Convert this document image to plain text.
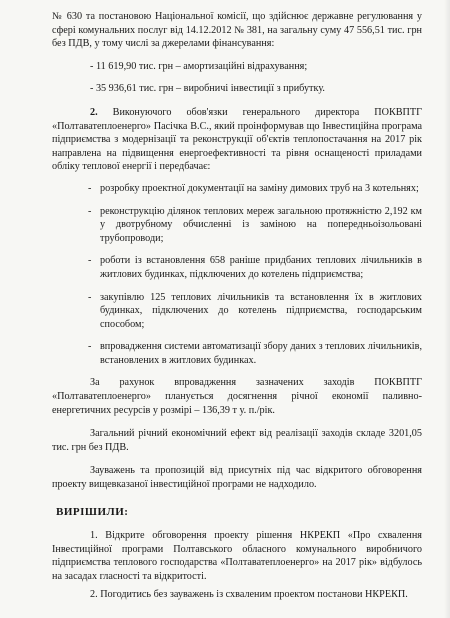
№ 630 та постановою Національної комісії, що здійснює державне регулювання у сфері комунальних послуг від 14.12.2012 № 381, на загальну суму 47 556,51 тис. грн без ПДВ, у тому числі за джерелами фінансування:

- 11 619,90 тис. грн – амортизаційні відрахування;

- 35 936,61 тис. грн – виробничі інвестиції з прибутку.

2. Виконуючого обов'язки генерального директора ПОКВПТГ «Полтаватеплоенерго» Пасічка В.С., який проінформував що Інвестиційна програма підприємства з модернізації та реконструкції об'єктів теплопостачання на 2017 рік направлена на підвищення енергоефективності та рівня оснащеності приладами обліку теплової енергії і передбачає:

- розробку проектної документації на заміну димових труб на 3 котельнях;
- реконструкцію ділянок теплових мереж загальною протяжністю 2,192 км у двотрубному обчисленні із заміною на попередньоізольовані трубопроводи;
- роботи із встановлення 658 раніше придбаних теплових лічильників в житлових будинках, підключених до котелень підприємства;
- закупівлю 125 теплових лічильників та встановлення їх в житлових будинках, підключених до котелень підприємства, господарським способом;
- впровадження системи автоматизації збору даних з теплових лічильників, встановлених в житлових будинках.

За рахунок впровадження зазначених заходів ПОКВПТГ «Полтаватеплоенерго» планується досягнення річної економії паливно-енергетичних ресурсів у розмірі – 136,39 т у. п./рік.

Загальний річний економічний ефект від реалізації заходів складе 3201,05 тис. грн без ПДВ.

Зауважень та пропозицій від присутніх під час відкритого обговорення проекту вищевказаної інвестиційної програми не надходило.

ВИРІШИЛИ:

1. Відкрите обговорення проекту рішення НКРЕКП «Про схвалення Інвестиційної програми Полтавського обласного комунального виробничого підприємства теплового господарства «Полтаватеплоенерго» на 2017 рік» відбулось на засадах гласності та відкритості.

2. Погодитись без зауважень із схваленим проектом постанови НКРЕКП.
